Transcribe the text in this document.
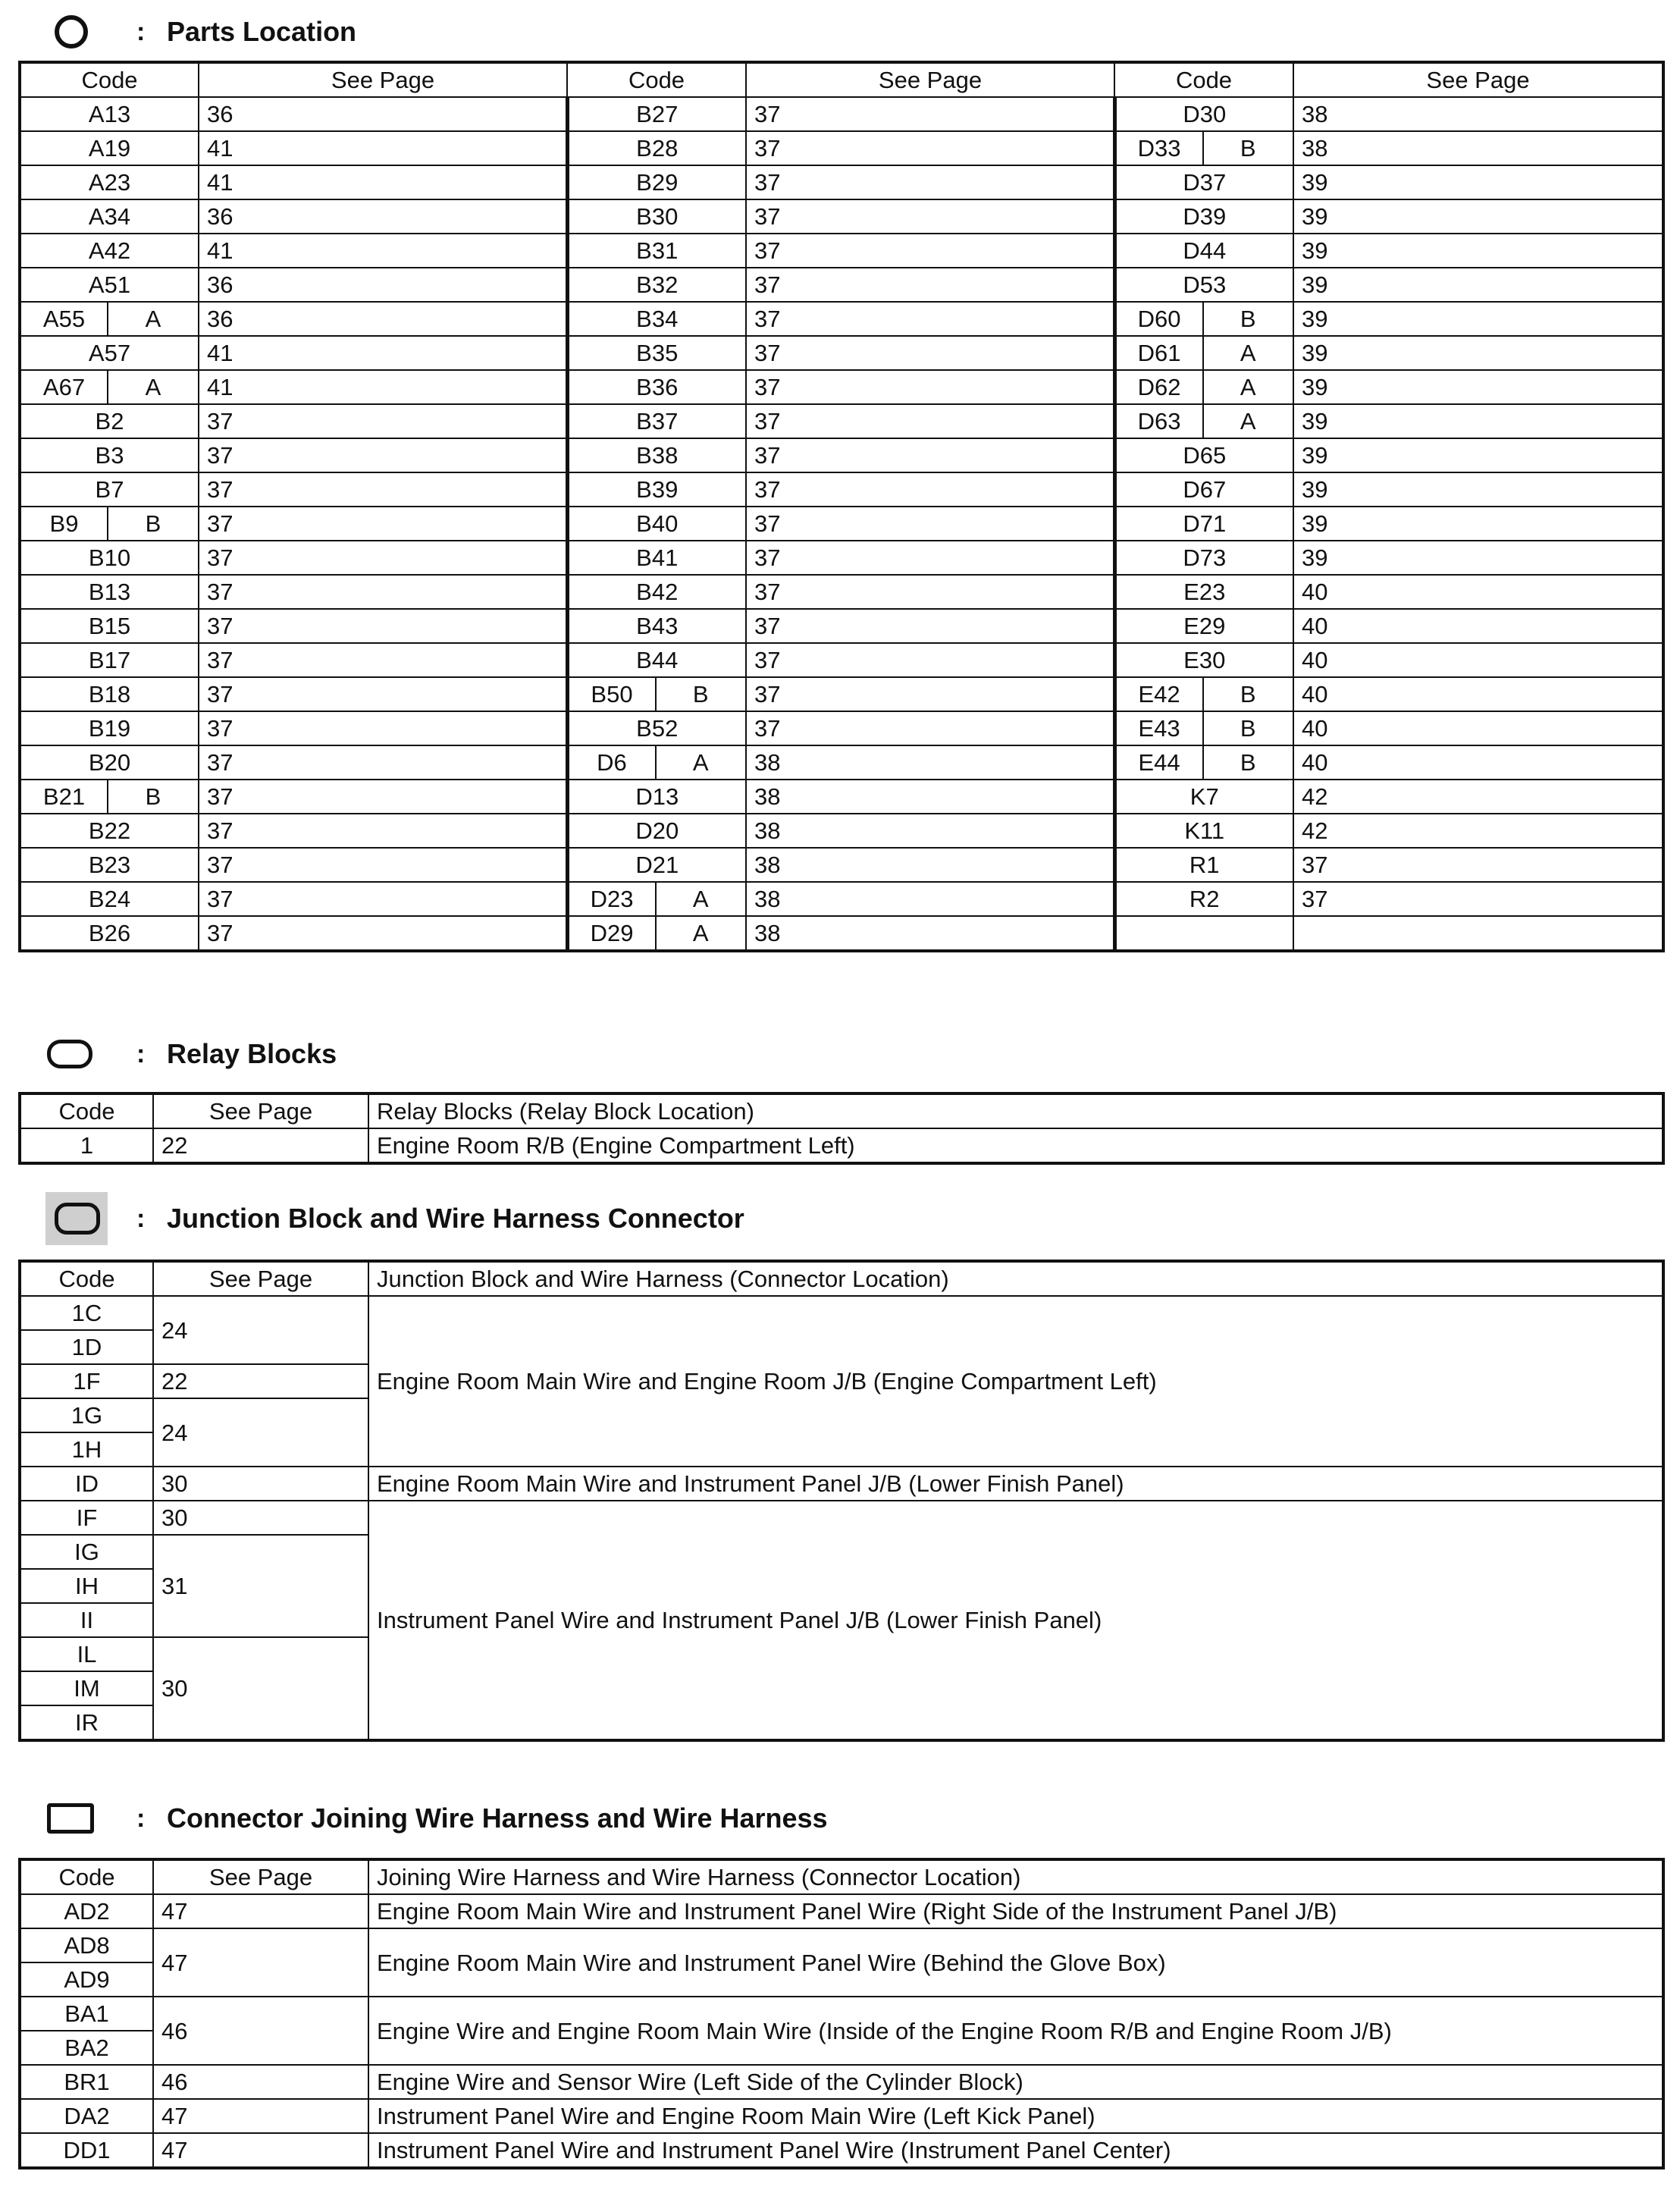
: Parts Location
Code	See Page	Code	See Page	Code	See Page
A13	36	B27	37	D30	38
A19	41	B28	37	D33 B	38
A23	41	B29	37	D37	39
A34	36	B30	37	D39	39
A42	41	B31	37	D44	39
A51	36	B32	37	D53	39

A55 A	36	B34	37	D60 B	39
A57	41	B35	37	D61 A	39

A67 A	41	B36	37	D62 A	39
B2	37	B37	37	D63 A	39
B3	37	B38	37	D65	39
B7	37	B39	37	D67	39

B9 B	37	B40	37	D71	39
B10	37	B41	37	D73	39
B13	37	B42	37	E23	40
B15	37	B43	37	E29	40
B17	37	B44	37	E30	40
B18	37	B50 B	37	E42 B	40
B19	37	B52	37	E43 B	40
B20	37	D6 A	38	E44 B	40

B21 B	37	D13	38	K7	42
B22	37	D20	38	K11	42
B23	37	D21	38	R1	37
B24	37	D23 A	38	R2	37
B26	37	D29 A	38		
: Relay Blocks
Code	See Page	Relay Blocks (Relay Block Location)
1	22	Engine Room R/B (Engine Compartment Left)
: Junction Block and Wire Harness Connector
Code	See Page	Junction Block and Wire Harness (Connector Location)
1C	24	Engine Room Main Wire and Engine Room J/B (Engine Compartment Left)
1D		
1F	22	
1G	24	
1H		
ID	30	Engine Room Main Wire and Instrument Panel J/B (Lower Finish Panel)
IF	30	Instrument Panel Wire and Instrument Panel J/B (Lower Finish Panel)
IG	31	
IH		
II		
IL	30	
IM		
IR		
: Connector Joining Wire Harness and Wire Harness
Code	See Page	Joining Wire Harness and Wire Harness (Connector Location)
AD2	47	Engine Room Main Wire and Instrument Panel Wire (Right Side of the Instrument Panel J/B)
AD8	47	Engine Room Main Wire and Instrument Panel Wire (Behind the Glove Box)
AD9		
BA1	46	Engine Wire and Engine Room Main Wire (Inside of the Engine Room R/B and Engine Room J/B)
BA2		
BR1	46	Engine Wire and Sensor Wire (Left Side of the Cylinder Block)
DA2	47	Instrument Panel Wire and Engine Room Main Wire (Left Kick Panel)
DD1	47	Instrument Panel Wire and Instrument Panel Wire (Instrument Panel Center)
